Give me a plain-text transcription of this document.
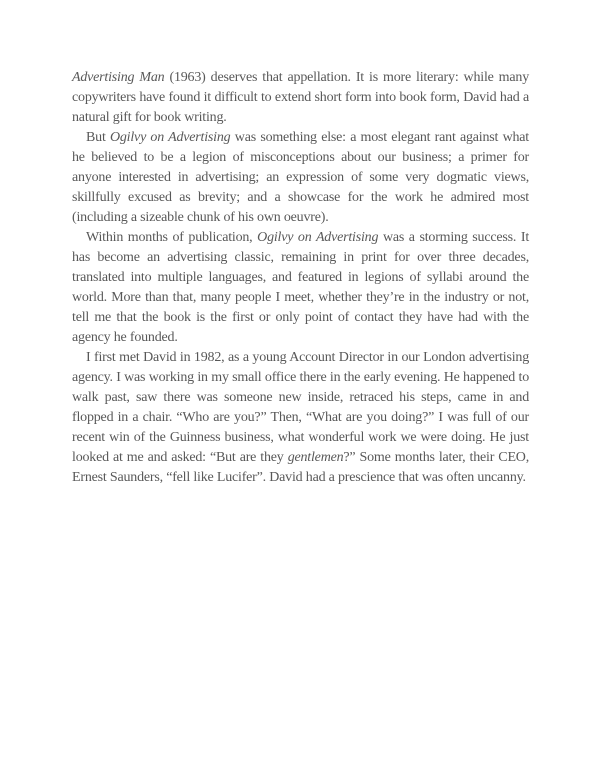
Advertising Man (1963) deserves that appellation. It is more literary: while many copywriters have found it difficult to extend short form into book form, David had a natural gift for book writing.

But Ogilvy on Advertising was something else: a most elegant rant against what he believed to be a legion of misconceptions about our business; a primer for anyone interested in advertising; an expression of some very dogmatic views, skillfully excused as brevity; and a showcase for the work he admired most (including a sizeable chunk of his own oeuvre).

Within months of publication, Ogilvy on Advertising was a storming success. It has become an advertising classic, remaining in print for over three decades, translated into multiple languages, and featured in legions of syllabi around the world. More than that, many people I meet, whether they’re in the industry or not, tell me that the book is the first or only point of contact they have had with the agency he founded.

I first met David in 1982, as a young Account Director in our London advertising agency. I was working in my small office there in the early evening. He happened to walk past, saw there was someone new inside, retraced his steps, came in and flopped in a chair. “Who are you?” Then, “What are you doing?” I was full of our recent win of the Guinness business, what wonderful work we were doing. He just looked at me and asked: “But are they gentlemen?” Some months later, their CEO, Ernest Saunders, “fell like Lucifer”. David had a prescience that was often uncanny.
